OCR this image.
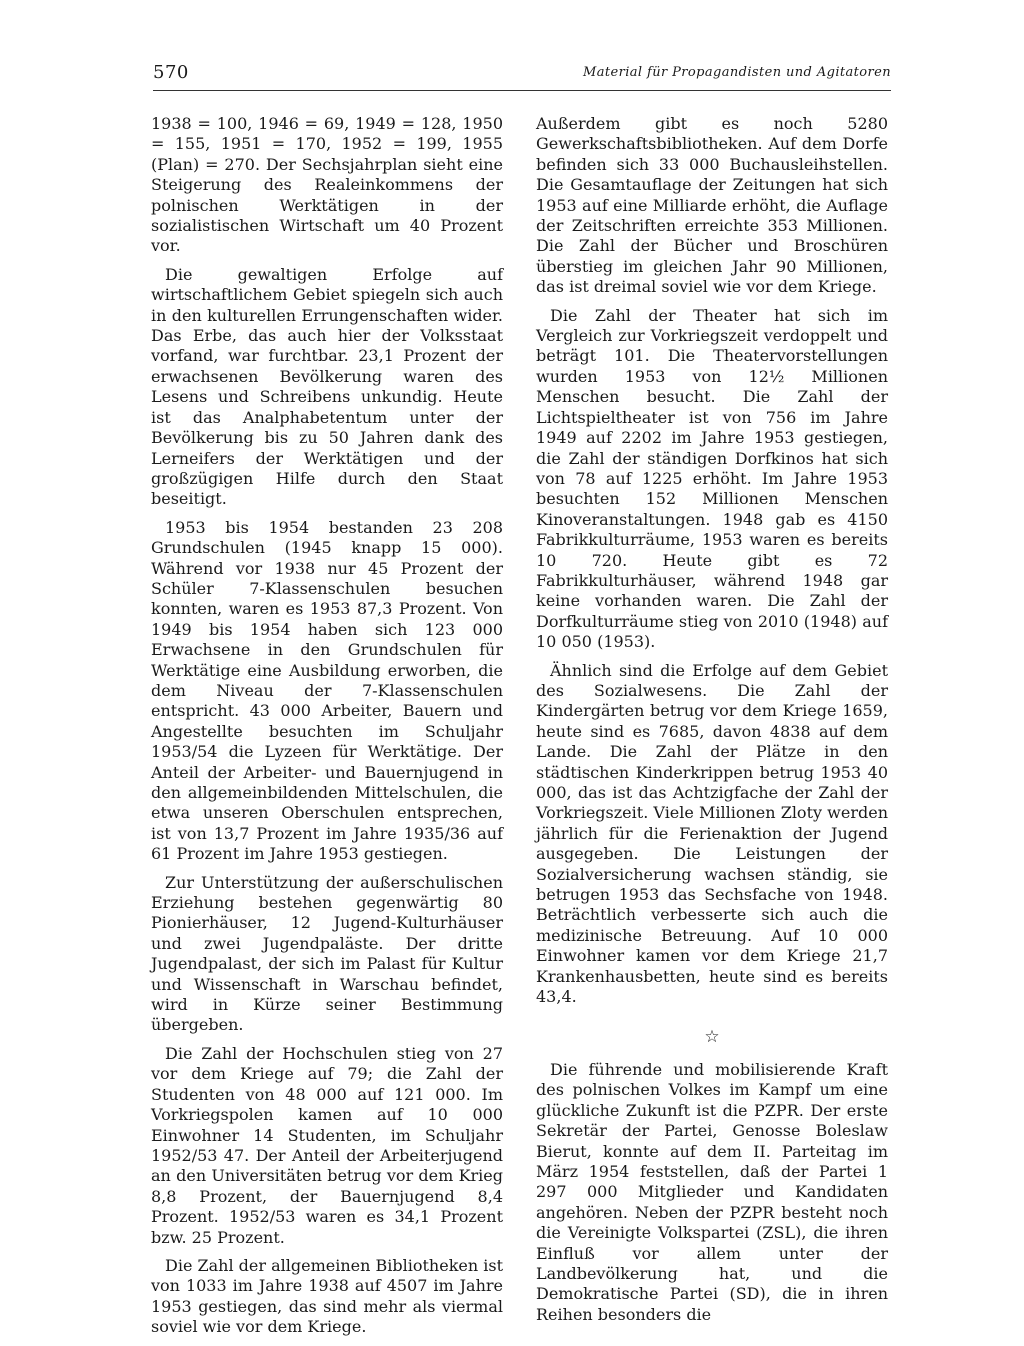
570	Material für Propagandisten und Agitatoren

1938 = 100, 1946 = 69, 1949 = 128, 1950 = 155, 1951 = 170, 1952 = 199, 1955 (Plan) = 270. Der Sechsjahrplan sieht eine Steigerung des Realeinkommens der polnischen Werktätigen in der sozialistischen Wirtschaft um 40 Prozent vor.

Die gewaltigen Erfolge auf wirtschaftlichem Gebiet spiegeln sich auch in den kulturellen Errungenschaften wider. Das Erbe, das auch hier der Volksstaat vorfand, war furchtbar. 23,1 Prozent der erwachsenen Bevölkerung waren des Lesens und Schreibens unkundig. Heute ist das Analphabetentum unter der Bevölkerung bis zu 50 Jahren dank des Lerneifers der Werktätigen und der großzügigen Hilfe durch den Staat beseitigt.

1953 bis 1954 bestanden 23 208 Grundschulen (1945 knapp 15 000). Während vor 1938 nur 45 Prozent der Schüler 7-Klassenschulen besuchen konnten, waren es 1953 87,3 Prozent. Von 1949 bis 1954 haben sich 123 000 Erwachsene in den Grundschulen für Werktätige eine Ausbildung erworben, die dem Niveau der 7-Klassenschulen entspricht. 43 000 Arbeiter, Bauern und Angestellte besuchten im Schuljahr 1953/54 die Lyzeen für Werktätige. Der Anteil der Arbeiter- und Bauernjugend in den allgemeinbildenden Mittelschulen, die etwa unseren Oberschulen entsprechen, ist von 13,7 Prozent im Jahre 1935/36 auf 61 Prozent im Jahre 1953 gestiegen.

Zur Unterstützung der außerschulischen Erziehung bestehen gegenwärtig 80 Pionierhäuser, 12 Jugend-Kulturhäuser und zwei Jugendpaläste. Der dritte Jugendpalast, der sich im Palast für Kultur und Wissenschaft in Warschau befindet, wird in Kürze seiner Bestimmung übergeben.

Die Zahl der Hochschulen stieg von 27 vor dem Kriege auf 79; die Zahl der Studenten von 48 000 auf 121 000. Im Vorkriegspolen kamen auf 10 000 Einwohner 14 Studenten, im Schuljahr 1952/53 47. Der Anteil der Arbeiterjugend an den Universitäten betrug vor dem Krieg 8,8 Prozent, der Bauernjugend 8,4 Prozent. 1952/53 waren es 34,1 Prozent bzw. 25 Prozent.

Die Zahl der allgemeinen Bibliotheken ist von 1033 im Jahre 1938 auf 4507 im Jahre 1953 gestiegen, das sind mehr als viermal soviel wie vor dem Kriege.

Außerdem gibt es noch 5280 Gewerkschaftsbibliotheken. Auf dem Dorfe befinden sich 33 000 Buchausleihstellen. Die Gesamtauflage der Zeitungen hat sich 1953 auf eine Milliarde erhöht, die Auflage der Zeitschriften erreichte 353 Millionen. Die Zahl der Bücher und Broschüren überstieg im gleichen Jahr 90 Millionen, das ist dreimal soviel wie vor dem Kriege.

Die Zahl der Theater hat sich im Vergleich zur Vorkriegszeit verdoppelt und beträgt 101. Die Theatervorstellungen wurden 1953 von 12½ Millionen Menschen besucht. Die Zahl der Lichtspieltheater ist von 756 im Jahre 1949 auf 2202 im Jahre 1953 gestiegen, die Zahl der ständigen Dorfkinos hat sich von 78 auf 1225 erhöht. Im Jahre 1953 besuchten 152 Millionen Menschen Kinoveranstaltungen. 1948 gab es 4150 Fabrikkulturräume, 1953 waren es bereits 10 720. Heute gibt es 72 Fabrikkulturhäuser, während 1948 gar keine vorhanden waren. Die Zahl der Dorfkulturräume stieg von 2010 (1948) auf 10 050 (1953).

Ähnlich sind die Erfolge auf dem Gebiet des Sozialwesens. Die Zahl der Kindergärten betrug vor dem Kriege 1659, heute sind es 7685, davon 4838 auf dem Lande. Die Zahl der Plätze in den städtischen Kinderkrippen betrug 1953 40 000, das ist das Achtzigfache der Zahl der Vorkriegszeit. Viele Millionen Zloty werden jährlich für die Ferienaktion der Jugend ausgegeben. Die Leistungen der Sozialversicherung wachsen ständig, sie betrugen 1953 das Sechsfache von 1948. Beträchtlich verbesserte sich auch die medizinische Betreuung. Auf 10 000 Einwohner kamen vor dem Kriege 21,7 Krankenhausbetten, heute sind es bereits 43,4.

☆

Die führende und mobilisierende Kraft des polnischen Volkes im Kampf um eine glückliche Zukunft ist die PZPR. Der erste Sekretär der Partei, Genosse Boleslaw Bierut, konnte auf dem II. Parteitag im März 1954 feststellen, daß der Partei 1 297 000 Mitglieder und Kandidaten angehören. Neben der PZPR besteht noch die Vereinigte Volkspartei (ZSL), die ihren Einfluß vor allem unter der Landbevölkerung hat, und die Demokratische Partei (SD), die in ihren Reihen besonders die
